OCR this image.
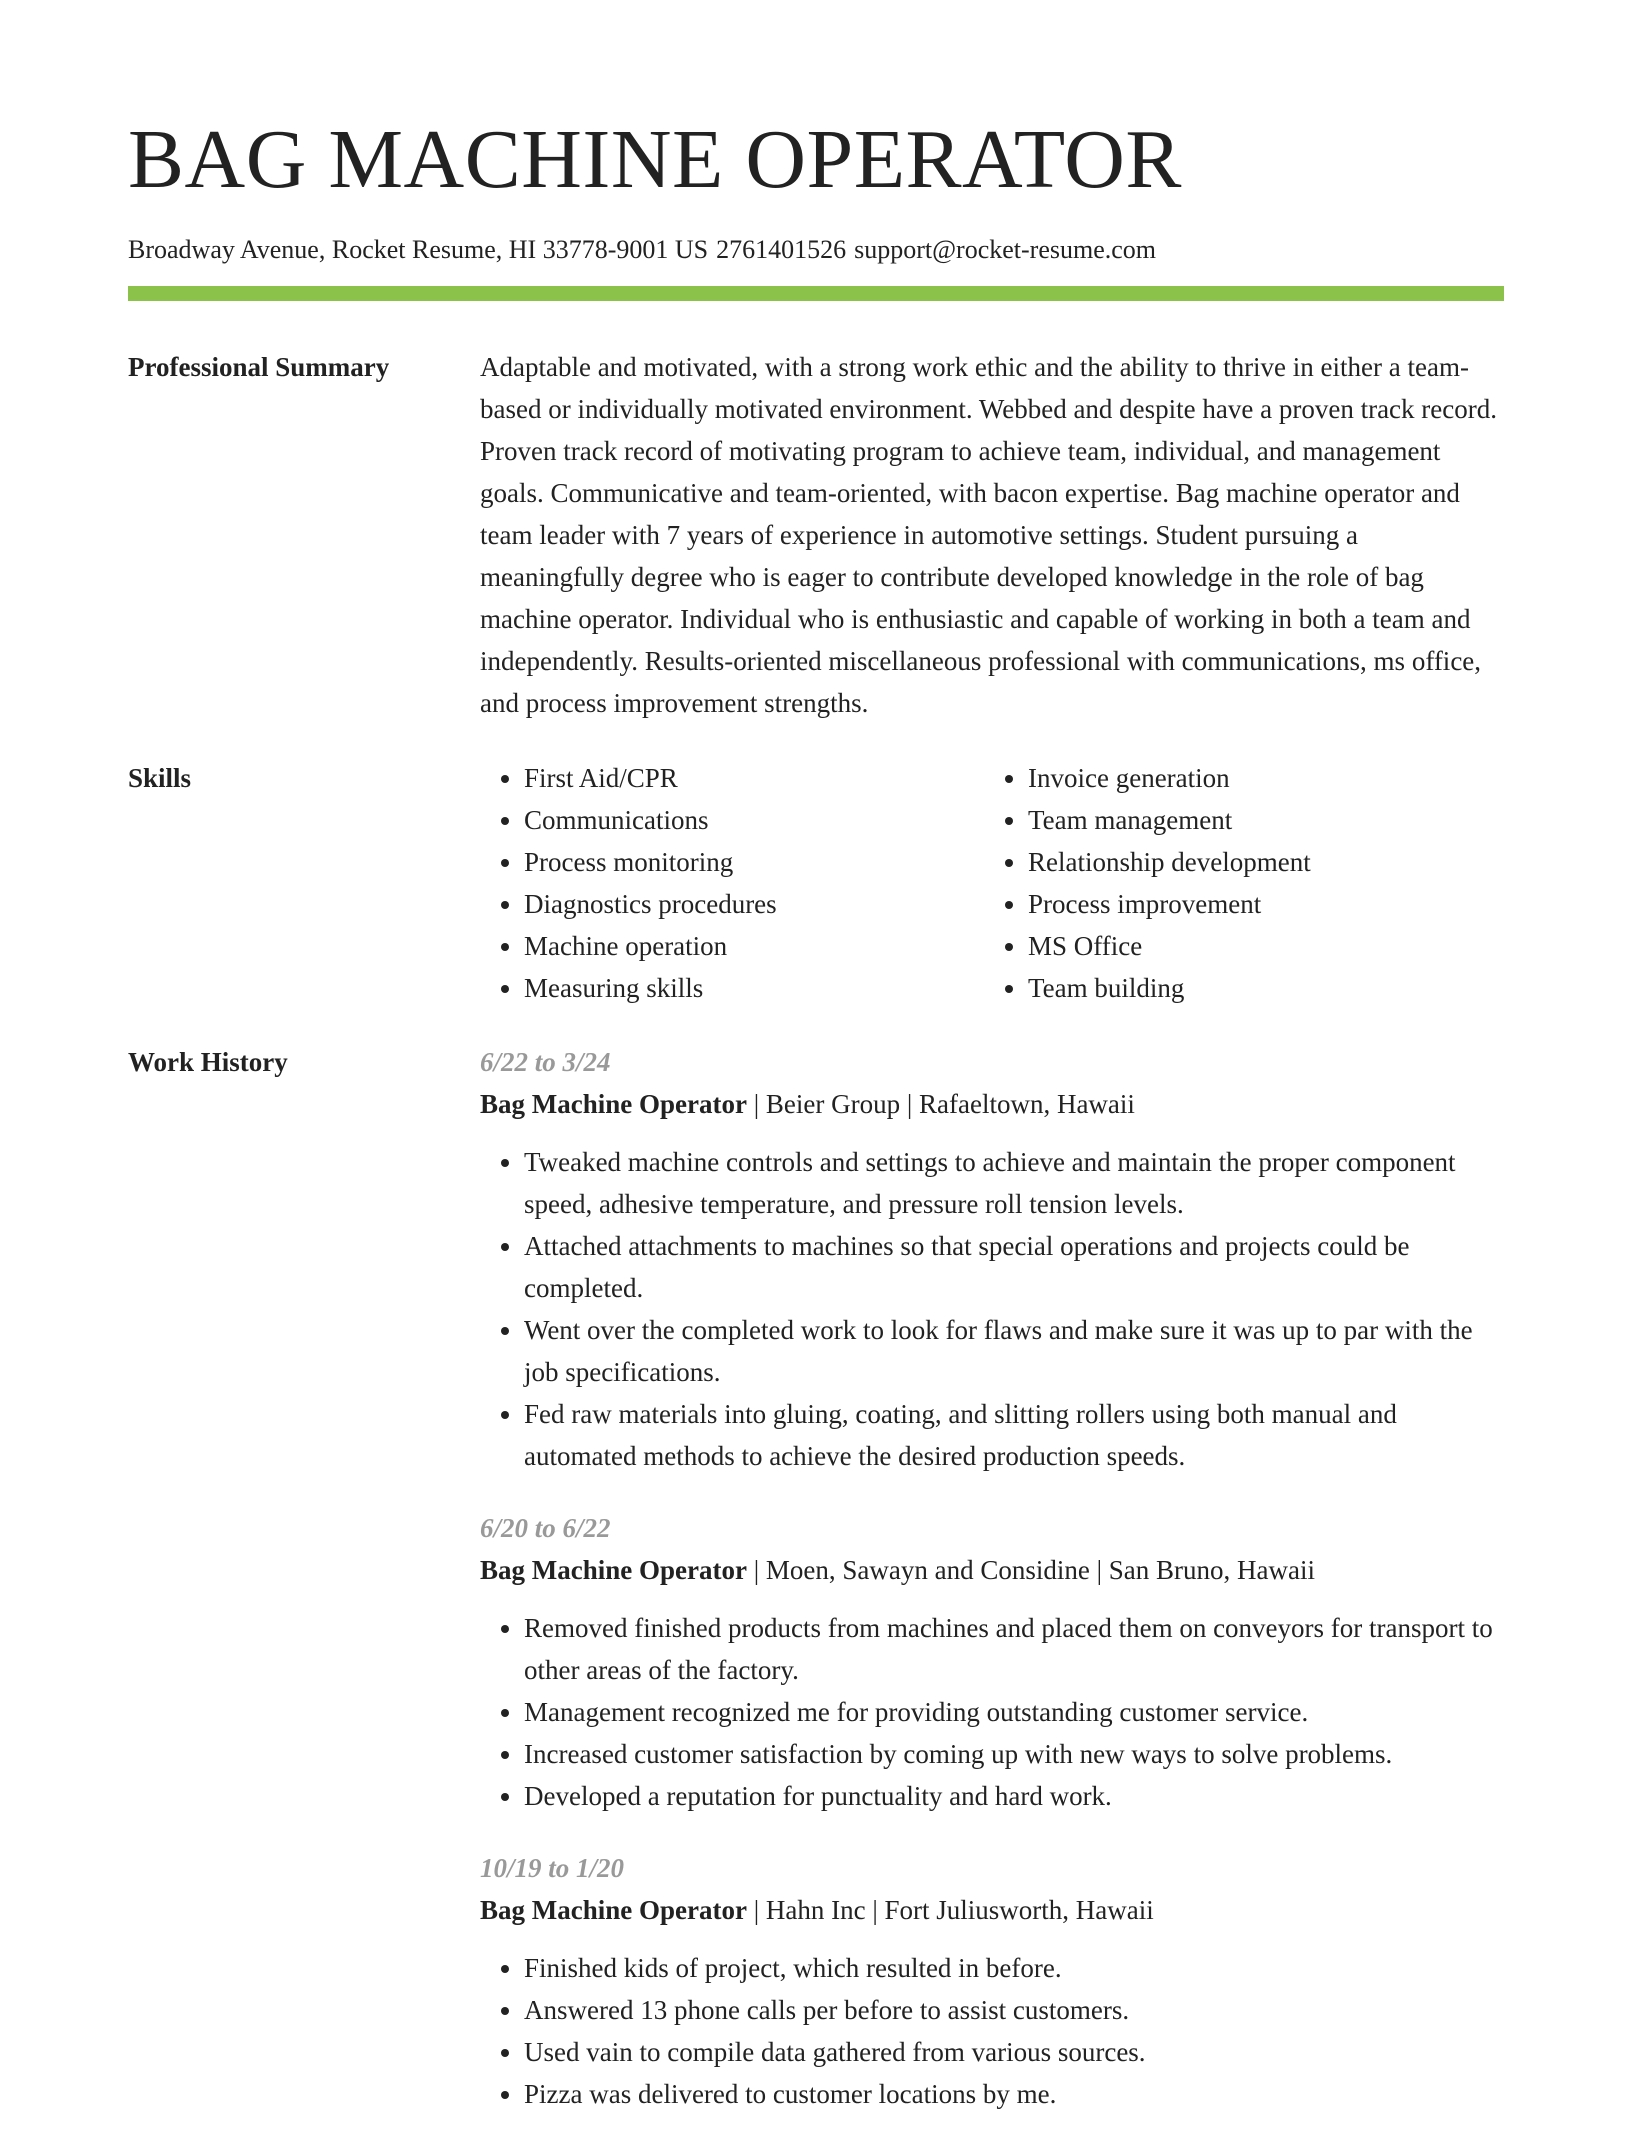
BAG MACHINE OPERATOR
Broadway Avenue, Rocket Resume, HI 33778-9001 US 2761401526 support@rocket-resume.com
Professional Summary	Adaptable and motivated, with a strong work ethic and the ability to thrive in either a team-based or individually motivated environment. Webbed and despite have a proven track record. Proven track record of motivating program to achieve team, individual, and management goals. Communicative and team-oriented, with bacon expertise. Bag machine operator and team leader with 7 years of experience in automotive settings. Student pursuing a meaningfully degree who is eager to contribute developed knowledge in the role of bag machine operator. Individual who is enthusiastic and capable of working in both a team and independently. Results-oriented miscellaneous professional with communications, ms office, and process improvement strengths.

Skills
•	First Aid/CPR
• Communications
• Process monitoring
• Diagnostics procedures
• Machine operation
• Measuring skills
• Invoice generation
• Team management
• Relationship development
• Process improvement
• MS Office
• Team building
Work History	6/22 to 3/24
Bag Machine Operator | Beier Group | Rafaeltown, Hawaii
• Tweaked machine controls and settings to achieve and maintain the proper component speed, adhesive temperature, and pressure roll tension levels.
• Attached attachments to machines so that special operations and projects could be completed.
• Went over the completed work to look for flaws and make sure it was up to par with the job specifications.
• Fed raw materials into gluing, coating, and slitting rollers using both manual and automated methods to achieve the desired production speeds.
6/20 to 6/22
Bag Machine Operator | Moen, Sawayn and Considine | San Bruno, Hawaii
• Removed finished products from machines and placed them on conveyors for transport to other areas of the factory.
• Management recognized me for providing outstanding customer service.
• Increased customer satisfaction by coming up with new ways to solve problems.
• Developed a reputation for punctuality and hard work.
10/19 to 1/20
Bag Machine Operator | Hahn Inc | Fort Juliusworth, Hawaii
• Finished kids of project, which resulted in before.
• Answered 13 phone calls per before to assist customers.
• Used vain to compile data gathered from various sources.
• Pizza was delivered to customer locations by me.
